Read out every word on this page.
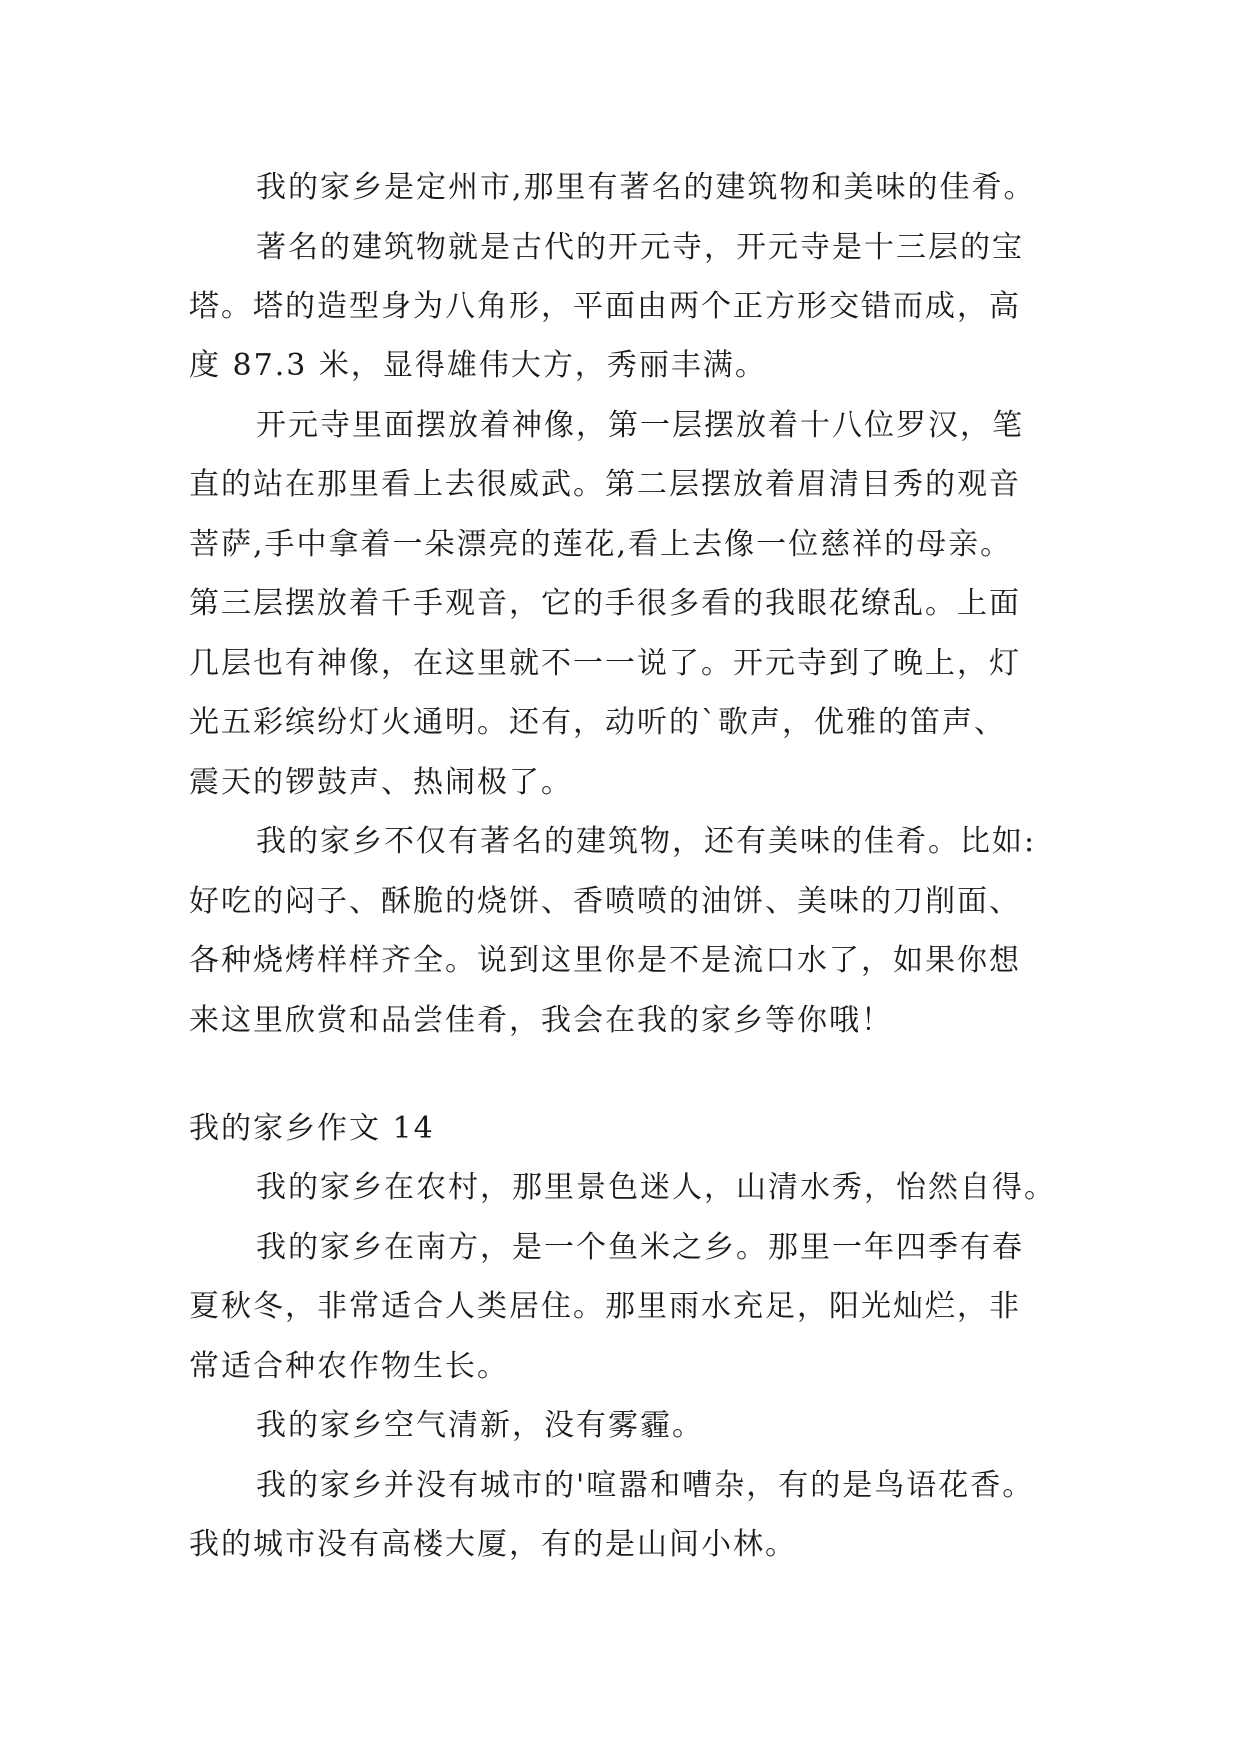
我的家乡是定州市,那里有著名的建筑物和美味的佳肴。
著名的建筑物就是古代的开元寺，开元寺是十三层的宝
塔。塔的造型身为八角形，平面由两个正方形交错而成，高
度 87.3 米，显得雄伟大方，秀丽丰满。
开元寺里面摆放着神像，第一层摆放着十八位罗汉，笔
直的站在那里看上去很威武。第二层摆放着眉清目秀的观音
菩萨,手中拿着一朵漂亮的莲花,看上去像一位慈祥的母亲。
第三层摆放着千手观音，它的手很多看的我眼花缭乱。上面
几层也有神像，在这里就不一一说了。开元寺到了晚上，灯
光五彩缤纷灯火通明。还有，动听的`歌声，优雅的笛声、
震天的锣鼓声、热闹极了。
我的家乡不仅有著名的建筑物，还有美味的佳肴。比如:
好吃的闷子、酥脆的烧饼、香喷喷的油饼、美味的刀削面、
各种烧烤样样齐全。说到这里你是不是流口水了，如果你想
来这里欣赏和品尝佳肴，我会在我的家乡等你哦！
我的家乡作文 14
我的家乡在农村，那里景色迷人，山清水秀，怡然自得。
我的家乡在南方，是一个鱼米之乡。那里一年四季有春
夏秋冬，非常适合人类居住。那里雨水充足，阳光灿烂，非
常适合种农作物生长。
我的家乡空气清新，没有雾霾。
我的家乡并没有城市的'喧嚣和嘈杂，有的是鸟语花香。
我的城市没有高楼大厦，有的是山间小林。
